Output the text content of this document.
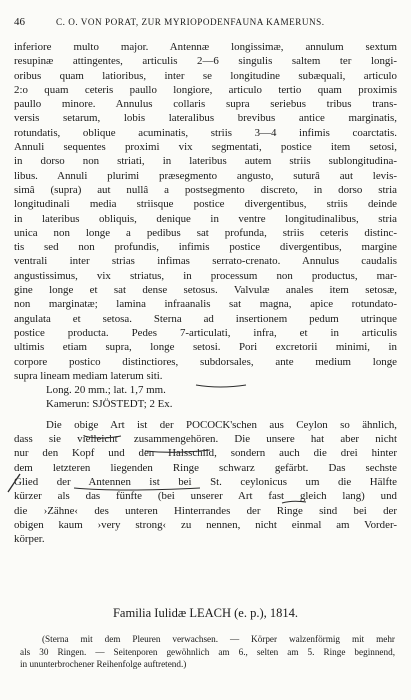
46	C. O. VON PORAT, ZUR MYRIOPODENFAUNA KAMERUNS.
inferiore multo major. Antennæ longissimæ, annulum sextum
resupinæ attingentes, articulis 2—6 singulis saltem ter longi-
oribus quam latioribus, inter se longitudine subæquali, articulo
2:o quam ceteris paullo longiore, articulo tertio quam proximis
paullo minore. Annulus collaris supra seriebus tribus trans-
versis setarum, lobis lateralibus brevibus antice marginatis,
rotundatis, oblique acuminatis, striis 3—4 infimis coarctatis.
Annuli sequentes proximi vix segmentati, postice item setosi,
in dorso non striati, in lateribus autem striis sublongitudina-
libus. Annuli plurimi præsegmento angusto, suturâ aut levis-
simâ (supra) aut nullâ a postsegmento discreto, in dorso stria
longitudinali media striisque postice divergentibus, striis deinde
in lateribus obliquis, denique in ventre longitudinalibus, stria
unica non longe a pedibus sat profunda, striis ceteris distinc-
tis sed non profundis, infimis postice divergentibus, margine
ventrali inter strias infimas serrato-crenato. Annulus caudalis
angustissimus, vix striatus, in processum non productus, mar-
gine longe et sat dense setosus. Valvulæ anales item setosæ,
non marginatæ; lamina infraanalis sat magna, apice rotundato-
angulata et setosa. Sterna ad insertionem pedum utrinque
postice producta. Pedes 7-articulati, infra, et in articulis
ultimis etiam supra, longe setosi. Pori excretorii minimi, in
corpore postico distinctiores, subdorsales, ante medium longe
supra lineam mediam laterum siti.
Long. 20 mm.; lat. 1,7 mm.
Kamerun: SJÖSTEDT; 2 Ex.
Die obige Art ist der POCOCK'schen aus Ceylon so ähnlich,
dass sie vielleicht zusammengehören. Die unsere hat aber nicht
nur den Kopf und den Halsschild, sondern auch die drei hinter
dem letzteren liegenden Ringe schwarz gefärbt. Das sechste
Glied der Antennen ist bei St. ceylonicus um die Hälfte
kürzer als das fünfte (bei unserer Art fast gleich lang) und
die ›Zähne‹ des unteren Hinterrandes der Ringe sind bei der
obigen kaum ›very strong‹ zu nennen, nicht einmal am Vorder-
körper.
Familia Iulidæ LEACH (e. p.), 1814.
(Sterna mit dem Pleuren verwachsen. — Körper walzenförmig mit mehr
als 30 Ringen. — Seitenporen gewöhnlich am 6., selten am 5. Ringe beginnend,
in ununterbrochener Reihenfolge auftretend.)
